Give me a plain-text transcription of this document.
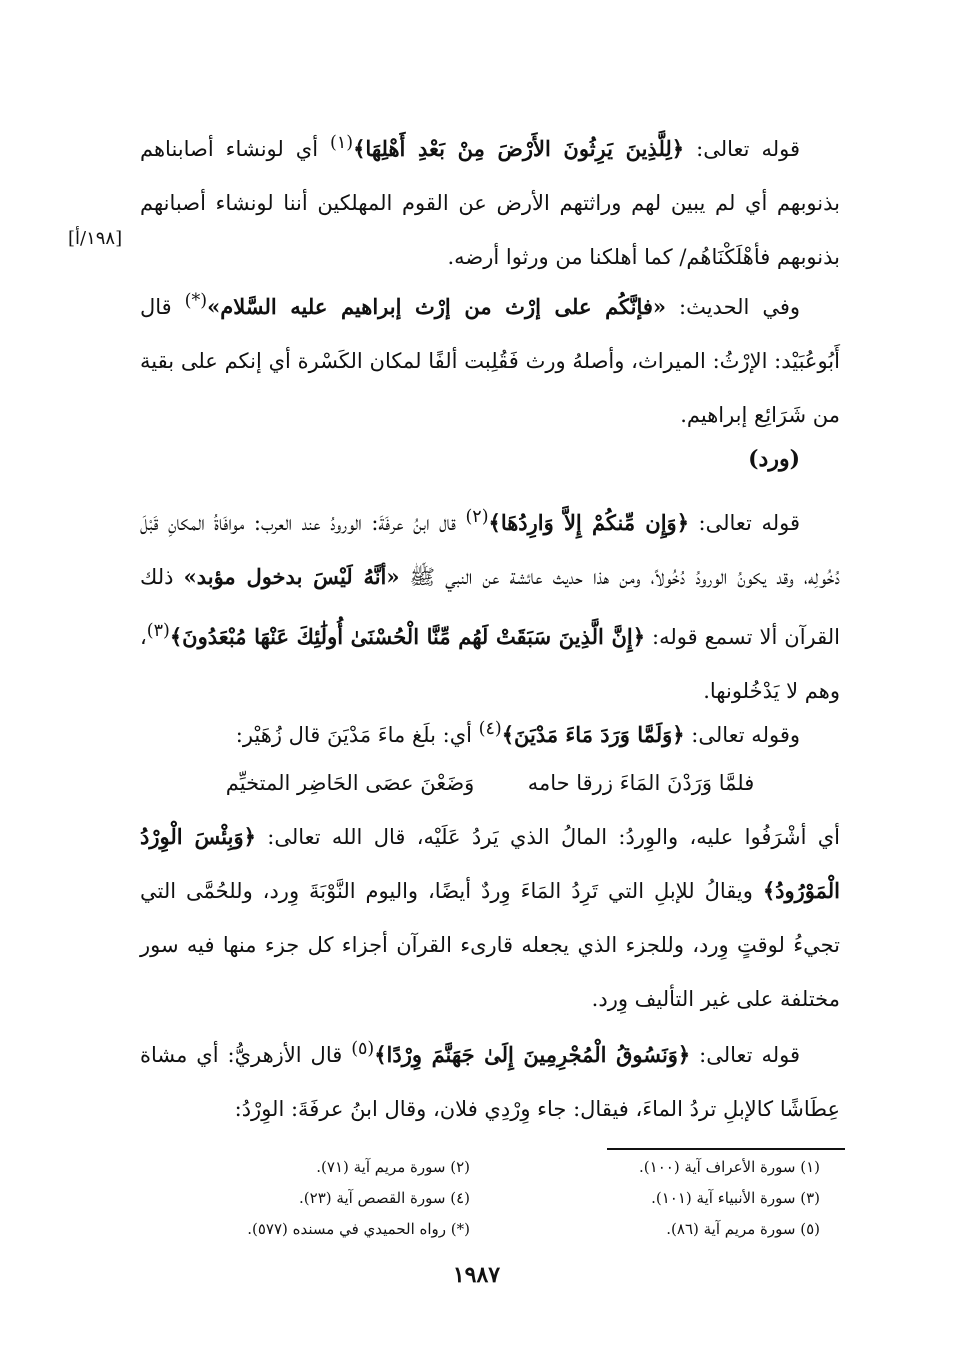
[١٩٨/أ]

قوله تعالى: ﴿لِلَّذِينَ يَرِثُونَ الأَرْضَ مِنْ بَعْدِ أَهْلِهَا﴾$^{(١)}$ أي لونشاء أصابناهم بذنوبهم أي لم يبين لهم وراثتهم الأرض عن القوم المهلكين أننا لونشاء أصبانهم بذنوبهم فأهْلَكْنَاهُم/ كما أهلكنا من ورثوا أرضه.

وفي الحديث: «فإنَّكُم على إرْث من إرْث إبراهيم عليه السَّلام»(*) قال أَبُوعُبَيْد: الإرْثُ: الميراث، وأصلهُ ورث فَقُلِبت ألفًا لمكان الكَسْرة أي إنكم على بقية من شَرَائِع إبراهيم.

(ورد)

قوله تعالى: ﴿وَإِن مِّنكُمْ إِلاَّ وَارِدُهَا﴾$^{(٢)}$ قال ابنُ عرفَةَ: الورودُ عند العرب: موافَاةُ المكانِ قَبْلَ دُخُولِه، وقد يكونُ الورودُ دُخُولاً، ومن هذا حديث عائشة عن النبي ﷺ «أنَّهُ لَيْسَ بدخول مؤبد» ذلك القرآن ألا تسمع قوله: ﴿إِنَّ الَّذِينَ سَبَقَتْ لَهُم مِّنَّا الْحُسْنَىٰ أُولَٰئِكَ عَنْهَا مُبْعَدُونَ﴾$^{(٣)}$، وهم لا يَدْخُلونها.

وقوله تعالى: ﴿وَلَمَّا وَرَدَ مَاءَ مَدْيَنَ﴾$^{(٤)}$ أي: بلَغ ماءَ مَدْيَنَ قال زُهَيْر:

فلمَّا وَرَدْنَ المَاءَ زرقا حامه  وَضَعْنَ عصَى الحَاضِر المتخيِّم

أي أشْرَفُوا عليه، والوِردُ: المالُ الذي يَردُ عَلَيْه، قال الله تعالى: ﴿وَبِئْسَ الْوِرْدُ الْمَوْرُودُ﴾ ويقالُ للإبلِ التي تَرِدُ المَاءَ وِردٌ أيضًا، واليوم النَّوْبَةَ وِرد، وللحُمَّى التي تجيءُ لوقتٍ وِرد، وللجزء الذي يجعله قارىء القرآن أجزاء كل جزء منها فيه سور مختلفة على غير التأليف وِرد.

قوله تعالى: ﴿وَنَسُوقُ الْمُجْرِمِينَ إِلَىٰ جَهَنَّمَ وِرْدًا﴾$^{(٥)}$ قال الأزهريُّ: أي مشاة عِطَاشًا كالإبلِ تردُ الماءَ، فيقال: جاء وِرْدِي فلان، وقال ابنُ عرفَةَ: الوِرْدُ:

(١) سورة الأعراف آية (١٠٠).
(٢) سورة مريم آية (٧١).
(٣) سورة الأنبياء آية (١٠١).
(٤) سورة القصص آية (٢٣).
(٥) سورة مريم آية (٨٦).
(*) رواه الحميدي في مسنده (٥٧٧).
١٩٨٧
